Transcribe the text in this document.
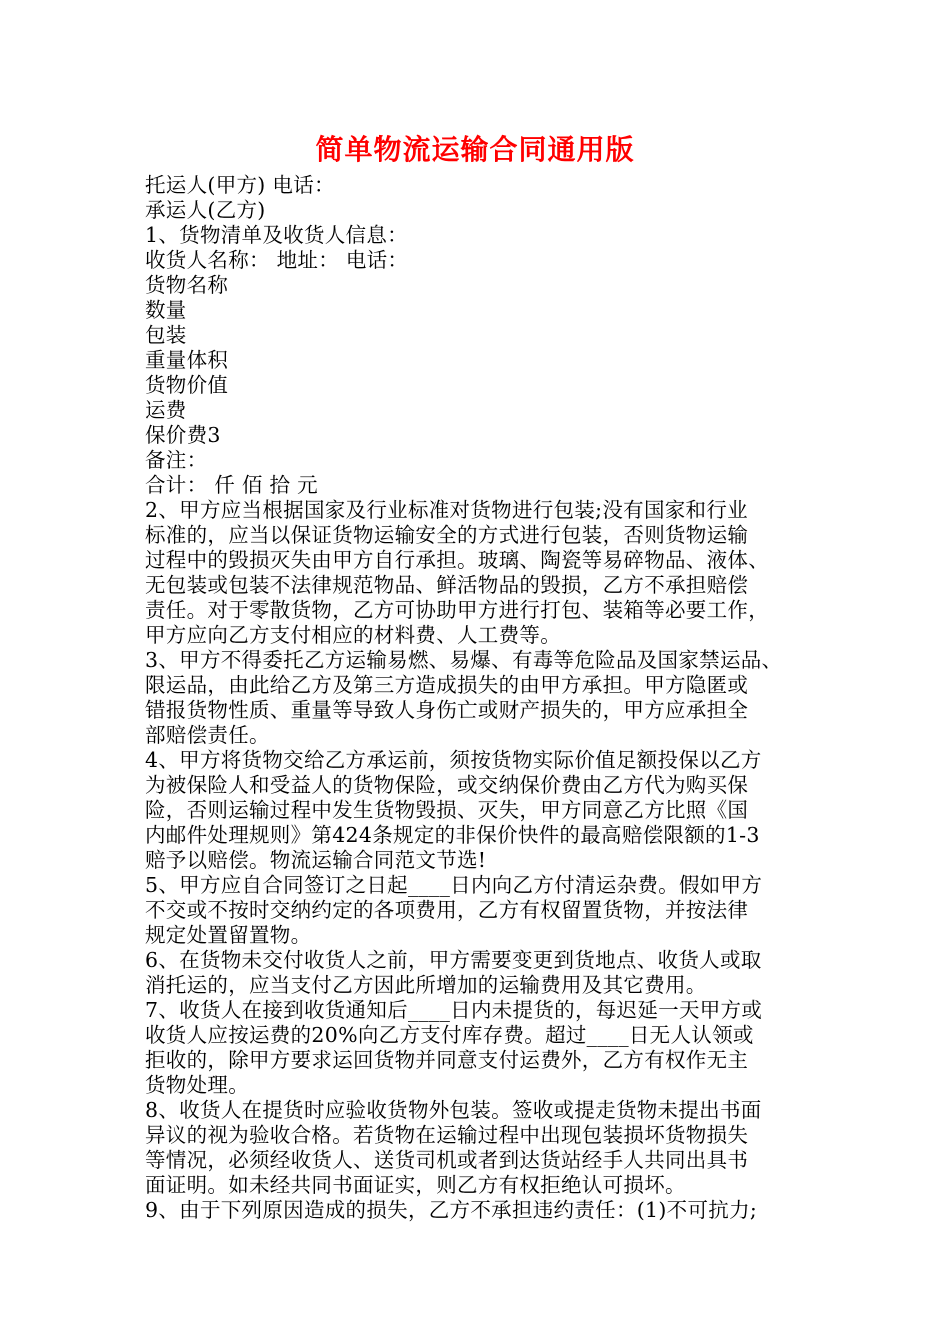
简单物流运输合同通用版
托运人(甲方) 电话：
承运人(乙方)
1、货物清单及收货人信息：
收货人名称： 地址： 电话：
货物名称
数量
包装
重量体积
货物价值
运费
保价费3
备注：
合计： 仟 佰 拾 元
2、甲方应当根据国家及行业标准对货物进行包装;没有国家和行业
标准的，应当以保证货物运输安全的方式进行包装，否则货物运输
过程中的毁损灭失由甲方自行承担。玻璃、陶瓷等易碎物品、液体、
无包装或包装不法律规范物品、鲜活物品的毁损，乙方不承担赔偿
责任。对于零散货物，乙方可协助甲方进行打包、装箱等必要工作，
甲方应向乙方支付相应的材料费、人工费等。
3、甲方不得委托乙方运输易燃、易爆、有毒等危险品及国家禁运品、
限运品，由此给乙方及第三方造成损失的由甲方承担。甲方隐匿或
错报货物性质、重量等导致人身伤亡或财产损失的，甲方应承担全
部赔偿责任。
4、甲方将货物交给乙方承运前，须按货物实际价值足额投保以乙方
为被保险人和受益人的货物保险，或交纳保价费由乙方代为购买保
险，否则运输过程中发生货物毁损、灭失，甲方同意乙方比照《国
内邮件处理规则》第424条规定的非保价快件的最高赔偿限额的1-3
赔予以赔偿。物流运输合同范文节选!
5、甲方应自合同签订之日起____日内向乙方付清运杂费。假如甲方
不交或不按时交纳约定的各项费用，乙方有权留置货物，并按法律
规定处置留置物。
6、在货物未交付收货人之前，甲方需要变更到货地点、收货人或取
消托运的，应当支付乙方因此所增加的运输费用及其它费用。
7、收货人在接到收货通知后____日内未提货的，每迟延一天甲方或
收货人应按运费的20%向乙方支付库存费。超过____日无人认领或
拒收的，除甲方要求运回货物并同意支付运费外，乙方有权作无主
货物处理。
8、收货人在提货时应验收货物外包装。签收或提走货物未提出书面
异议的视为验收合格。若货物在运输过程中出现包装损坏货物损失
等情况，必须经收货人、送货司机或者到达货站经手人共同出具书
面证明。如未经共同书面证实，则乙方有权拒绝认可损坏。
9、由于下列原因造成的损失，乙方不承担违约责任：(1)不可抗力;
